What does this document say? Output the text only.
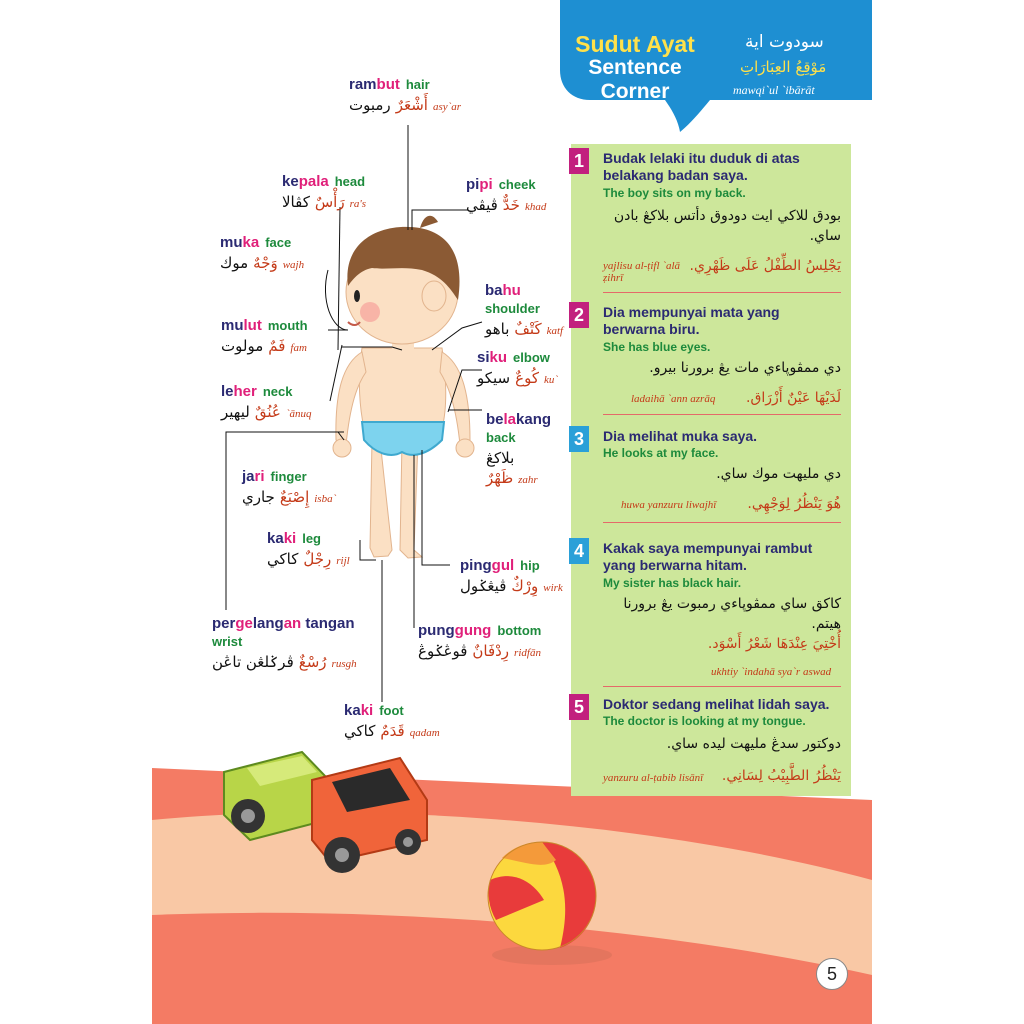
Sudut Ayat
Sentence
Corner
سودوت اية
مَوْقِعُ العِبَارَاتِ
mawqi`ul `ibārāt
rambut hair
رمبوت أَشْعَرٌ asy`ar
kepala head
كڤالا رَأْسٌ ra's
pipi cheek
ڤيڤي خَدٌّ khad
muka face
موك وَجْهٌ wajh
bahu
shoulder
باهو كَتْفٌ katf
mulut mouth
مولوت فَمٌ fam
siku elbow
سيكو كُوعٌ ku`
leher neck
ليهير عُنُقٌ `ānuq	belakang
back
بلاكڠ
ظَهْرٌ zahr
jari finger
جاري إِصْبَعٌ isba`
kaki leg
كاكي رِجْلٌ rijl	pinggul hip
ڤيڠݢول وِرْكٌ wirk
pergelangan tangan
wrist
ڤرݢلڠن تاڠن رُسْغٌ rusgh
punggung bottom
ڤوڠݢوڠ رِدْفَانٌ ridfān
kaki foot
كاكي قَدَمٌ qadam
1	Budak lelaki itu duduk di atas belakang badan saya.
The boy sits on my back.
بودق للاكي ايت دودوق دأتس بلاكڠ بادن ساي.
يَجْلِسُ الطِّفْلُ عَلَى ظَهْرِي.
yajlisu al-ṭifl `alā ẓihrī
2	Dia mempunyai mata yang berwarna biru.
She has blue eyes.
دي ممڤوڽاءي مات يڠ برورنا بيرو.
لَدَيْهَا عَيْنٌ أَزْرَاق.
ladaihā `ann azrāq
3	Dia melihat muka saya.
He looks at my face.
دي مليهت موك ساي.
هُوَ يَنْظُرُ لِوَجْهِي.
huwa yanzuru liwajhī
4	Kakak saya mempunyai rambut yang berwarna hitam.
My sister has black hair.
كاكق ساي ممڤوڽاءي رمبوت يڠ برورنا هيتم.
أُخْتِيَ عِنْدَهَا شَعْرُ أَسْوَد.
ukhtiy `indahā sya`r aswad
5	Doktor sedang melihat lidah saya.
The doctor is looking at my tongue.
دوكتور سدڠ مليهت ليده ساي.
يَنْظُرُ الطَّبِيْبُ لِسَانِي.
yanzuru al-ṭabib lisānī
5
